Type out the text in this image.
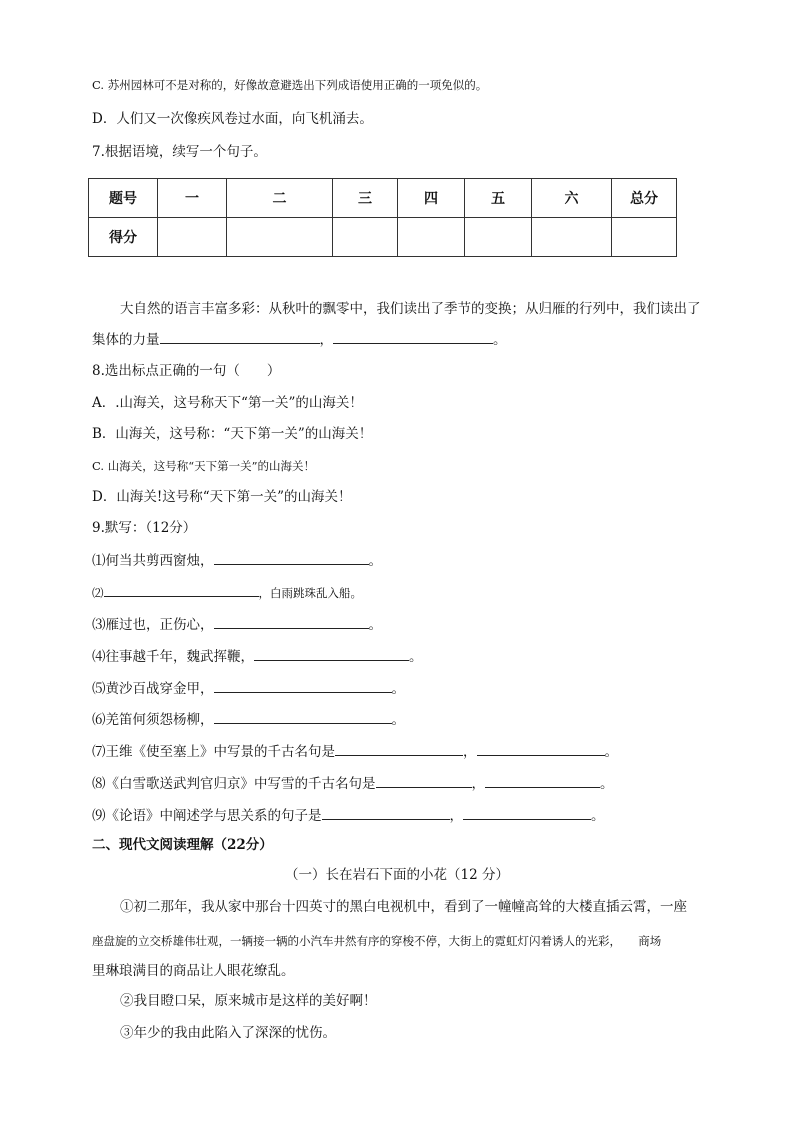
C. 苏州园林可不是对称的，好像故意避选出下列成语使用正确的一项免似的。
D．人们又一次像疾风卷过水面，向飞机涌去。
7.根据语境，续写一个句子。
题号	一	二	三	四	五	六	总分
得分							
大自然的语言丰富多彩：从秋叶的飘零中，我们读出了季节的变换；从归雁的行列中，我们读出了
集体的力量	，	。
8.选出标点正确的一句（　　）
A．.山海关，这号称天下“第一关”的山海关！
B．山海关，这号称：“天下第一关”的山海关！
C. 山海关，这号称“天下第一关”的山海关！
D．山海关!这号称“天下第一关”的山海关！
9.默写：（12分）
⑴何当共剪西窗烛，	。
⑵	，白雨跳珠乱入船。
⑶雁过也，正伤心，	。
⑷往事越千年，魏武挥鞭，	。
⑸黄沙百战穿金甲，	。
⑹羌笛何须怨杨柳，	。
⑺王维《使至塞上》中写景的千古名句是	，	。
⑻《白雪歌送武判官归京》中写雪的千古名句是	，	。
⑼《论语》中阐述学与思关系的句子是	，	。
二、现代文阅读理解（22分）
（一）长在岩石下面的小花（12 分）
①初二那年，我从家中那台十四英寸的黑白电视机中，看到了一幢幢高耸的大楼直插云霄，一座
座盘旋的立交桥雄伟壮观，一辆接一辆的小汽车井然有序的穿梭不停，大街上的霓虹灯闪着诱人的光彩，　　商场
里琳琅满目的商品让人眼花缭乱。
②我目瞪口呆，原来城市是这样的美好啊！
③年少的我由此陷入了深深的忧伤。
